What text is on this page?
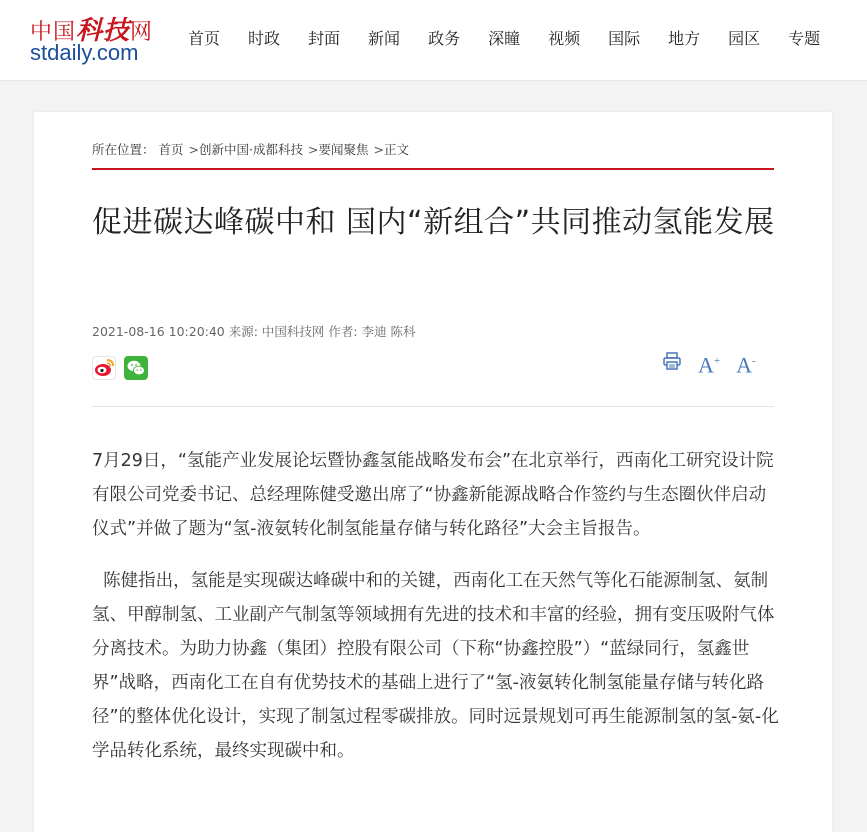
中国科技网
stdaily.com
首页 时政 封面 新闻 政务 深瞳 视频 国际 地方 园区 专题
所在位置： 首页 >创新中国·成都科技 >要闻聚焦 >正文
促进碳达峰碳中和 国内“新组合”共同推动氢能发展
2021-08-16 10:20:40 来源: 中国科技网 作者: 李迪 陈科
A+ A-

7月29日，“氢能产业发展论坛暨协鑫氢能战略发布会”在北京举行，西南化工研究设计院有限公司党委书记、总经理陈健受邀出席了“协鑫新能源战略合作签约与生态圈伙伴启动仪式”并做了题为“氢-液氨转化制氢能量存储与转化路径”大会主旨报告。

陈健指出，氢能是实现碳达峰碳中和的关键，西南化工在天然气等化石能源制氢、氨制氢、甲醇制氢、工业副产气制氢等领域拥有先进的技术和丰富的经验，拥有变压吸附气体分离技术。为助力协鑫（集团）控股有限公司（下称“协鑫控股”）“蓝绿同行，氢鑫世界”战略，西南化工在自有优势技术的基础上进行了“氢-液氨转化制氢能量存储与转化路径”的整体优化设计，实现了制氢过程零碳排放。同时远景规划可再生能源制氢的氢-氨-化学品转化系统，最终实现碳中和。
